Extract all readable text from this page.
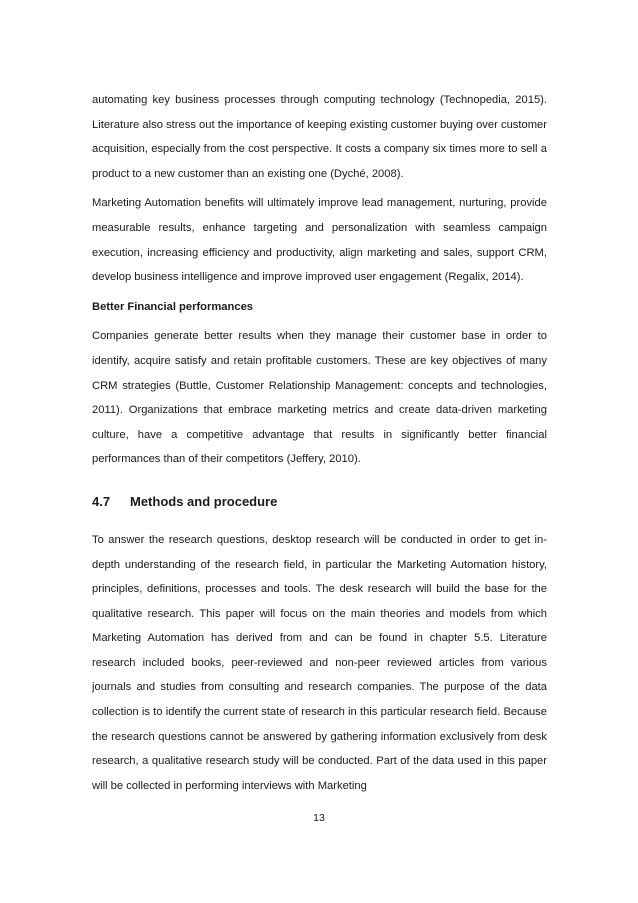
automating key business processes through computing technology (Technopedia, 2015). Literature also stress out the importance of keeping existing customer buying over customer acquisition, especially from the cost perspective. It costs a company six times more to sell a product to a new customer than an existing one (Dyché, 2008).

Marketing Automation benefits will ultimately improve lead management, nurturing, provide measurable results, enhance targeting and personalization with seamless campaign execution, increasing efficiency and productivity, align marketing and sales, support CRM, develop business intelligence and improve improved user engagement (Regalix, 2014).

Better Financial performances

Companies generate better results when they manage their customer base in order to identify, acquire satisfy and retain profitable customers. These are key objectives of many CRM strategies (Buttle, Customer Relationship Management: concepts and technologies, 2011). Organizations that embrace marketing metrics and create data-driven marketing culture, have a competitive advantage that results in significantly better financial performances than of their competitors (Jeffery, 2010).

4.7	Methods and procedure

To answer the research questions, desktop research will be conducted in order to get in-depth understanding of the research field, in particular the Marketing Automation history, principles, definitions, processes and tools. The desk research will build the base for the qualitative research. This paper will focus on the main theories and models from which Marketing Automation has derived from and can be found in chapter 5.5. Literature research included books, peer-reviewed and non-peer reviewed articles from various journals and studies from consulting and research companies. The purpose of the data collection is to identify the current state of research in this particular research field. Because the research questions cannot be answered by gathering information exclusively from desk research, a qualitative research study will be conducted. Part of the data used in this paper will be collected in performing interviews with Marketing

13
